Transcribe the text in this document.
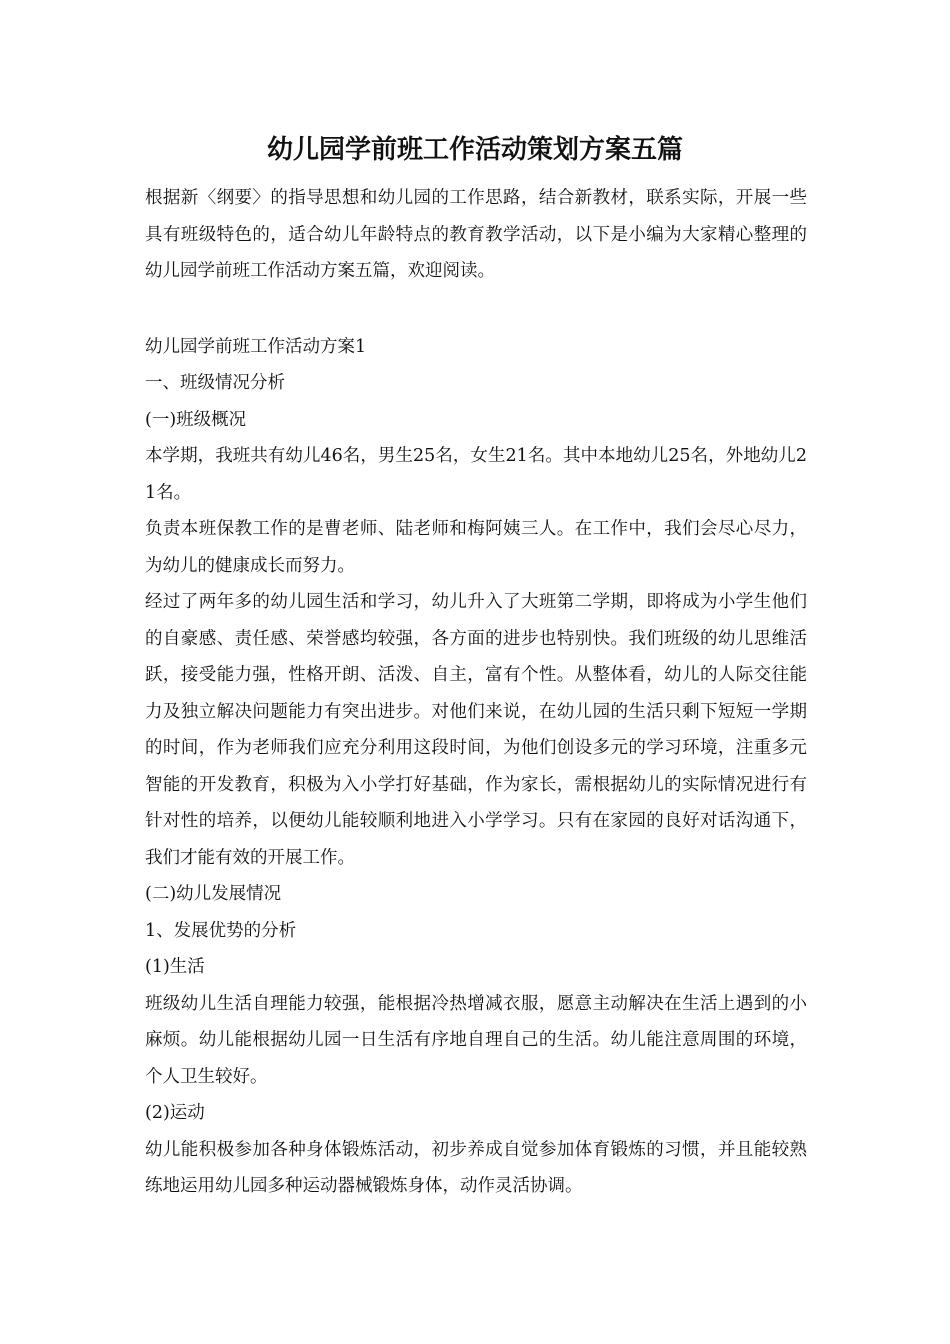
幼儿园学前班工作活动策划方案五篇

根据新〈纲要〉的指导思想和幼儿园的工作思路，结合新教材，联系实际，开展一些具有班级特色的，适合幼儿年龄特点的教育教学活动，以下是小编为大家精心整理的幼儿园学前班工作活动方案五篇，欢迎阅读。

幼儿园学前班工作活动方案1

一、班级情况分析

(一)班级概况

本学期，我班共有幼儿46名，男生25名，女生21名。其中本地幼儿25名，外地幼儿21名。

负责本班保教工作的是曹老师、陆老师和梅阿姨三人。在工作中，我们会尽心尽力，为幼儿的健康成长而努力。

经过了两年多的幼儿园生活和学习，幼儿升入了大班第二学期，即将成为小学生他们的自豪感、责任感、荣誉感均较强，各方面的进步也特别快。我们班级的幼儿思维活跃，接受能力强，性格开朗、活泼、自主，富有个性。从整体看，幼儿的人际交往能力及独立解决问题能力有突出进步。对他们来说，在幼儿园的生活只剩下短短一学期的时间，作为老师我们应充分利用这段时间，为他们创设多元的学习环境，注重多元智能的开发教育，积极为入小学打好基础，作为家长，需根据幼儿的实际情况进行有针对性的培养，以便幼儿能较顺利地进入小学学习。只有在家园的良好对话沟通下，我们才能有效的开展工作。

(二)幼儿发展情况

1、发展优势的分析

(1)生活

班级幼儿生活自理能力较强，能根据冷热增减衣服，愿意主动解决在生活上遇到的小麻烦。幼儿能根据幼儿园一日生活有序地自理自己的生活。幼儿能注意周围的环境，个人卫生较好。

(2)运动

幼儿能积极参加各种身体锻炼活动，初步养成自觉参加体育锻炼的习惯，并且能较熟练地运用幼儿园多种运动器械锻炼身体，动作灵活协调。
